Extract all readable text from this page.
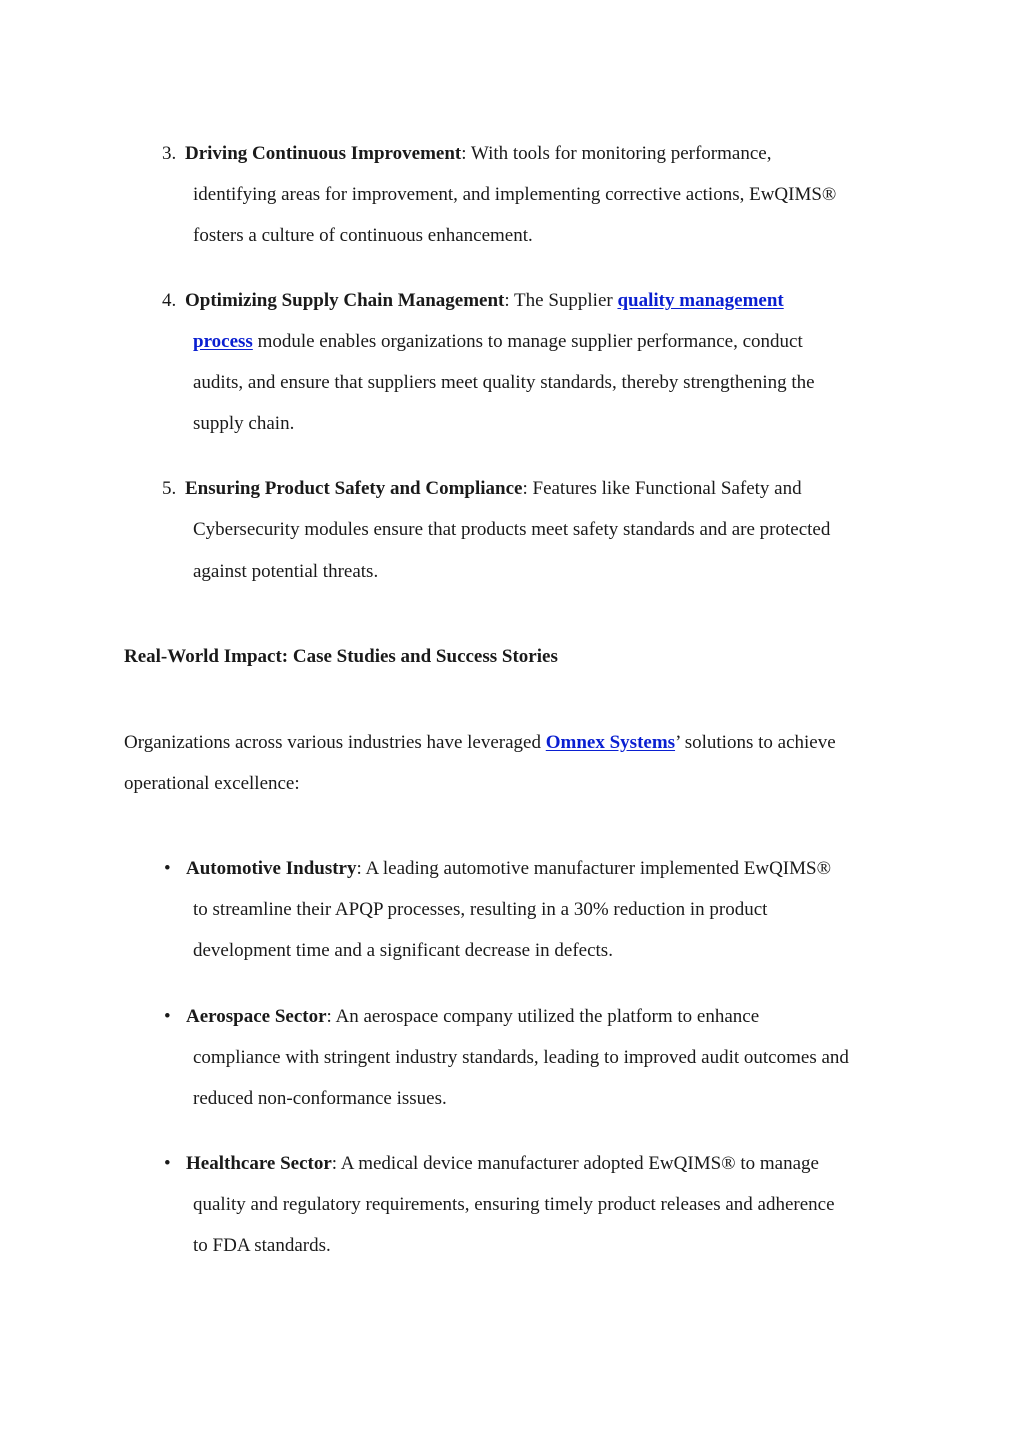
3. Driving Continuous Improvement: With tools for monitoring performance,
identifying areas for improvement, and implementing corrective actions, EwQIMS®
fosters a culture of continuous enhancement.
4. Optimizing Supply Chain Management: The Supplier quality management
process module enables organizations to manage supplier performance, conduct
audits, and ensure that suppliers meet quality standards, thereby strengthening the
supply chain.
5. Ensuring Product Safety and Compliance: Features like Functional Safety and
Cybersecurity modules ensure that products meet safety standards and are protected
against potential threats.
Real-World Impact: Case Studies and Success Stories
Organizations across various industries have leveraged Omnex Systems’ solutions to achieve
operational excellence:
• Automotive Industry: A leading automotive manufacturer implemented EwQIMS®
to streamline their APQP processes, resulting in a 30% reduction in product
development time and a significant decrease in defects.
• Aerospace Sector: An aerospace company utilized the platform to enhance
compliance with stringent industry standards, leading to improved audit outcomes and
reduced non-conformance issues.
• Healthcare Sector: A medical device manufacturer adopted EwQIMS® to manage
quality and regulatory requirements, ensuring timely product releases and adherence
to FDA standards.
